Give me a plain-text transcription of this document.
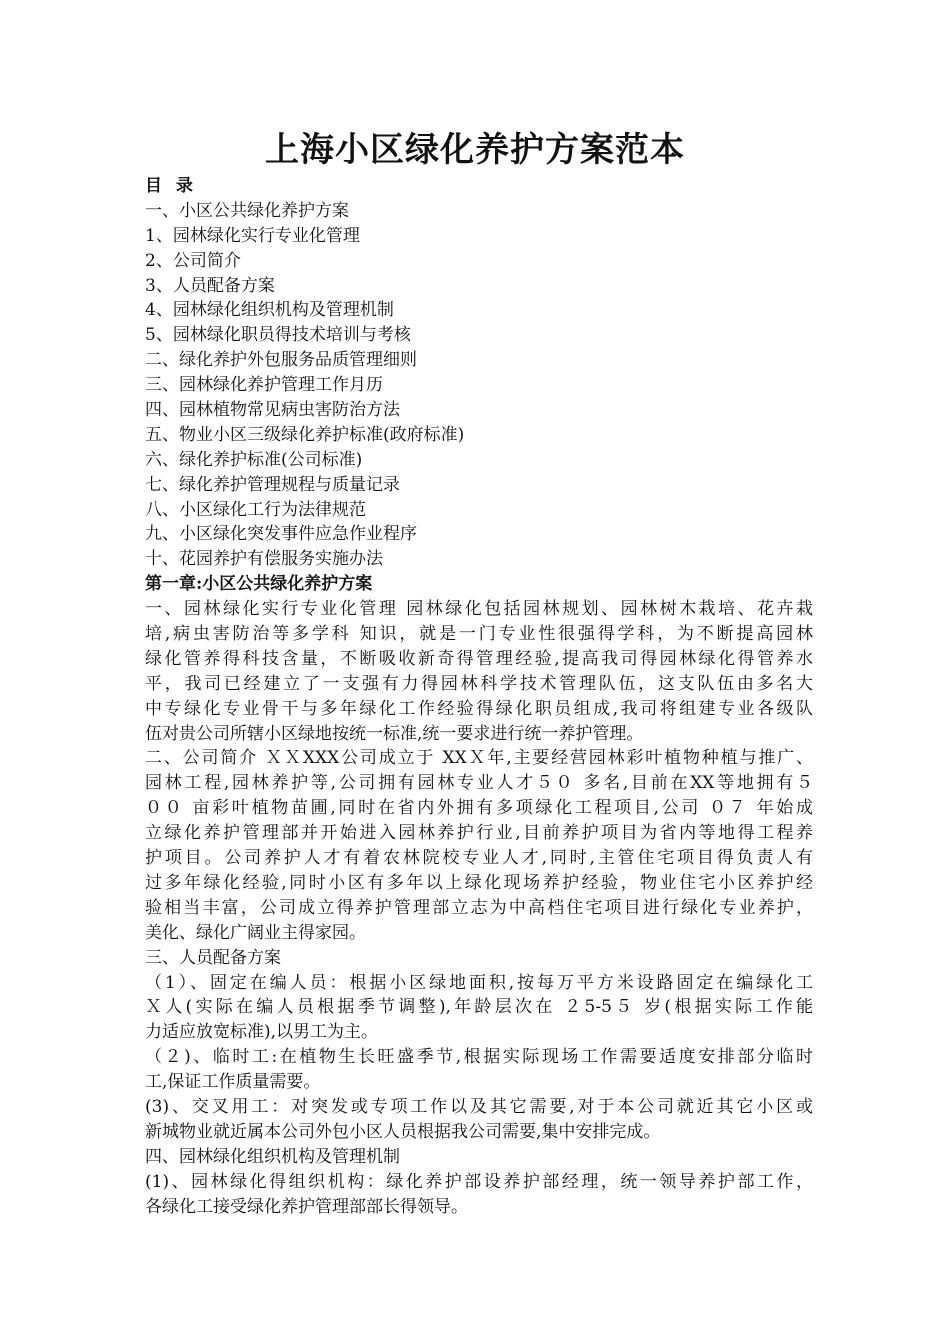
上海小区绿化养护方案范本
目 录
一、小区公共绿化养护方案
1、园林绿化实行专业化管理
2、公司简介
3、人员配备方案
4、园林绿化组织机构及管理机制
5、园林绿化职员得技术培训与考核
二、绿化养护外包服务品质管理细则
三、园林绿化养护管理工作月历
四、园林植物常见病虫害防治方法
五、物业小区三级绿化养护标准(政府标准)
六、绿化养护标准(公司标准)
七、绿化养护管理规程与质量记录
八、小区绿化工行为法律规范
九、小区绿化突发事件应急作业程序
十、花园养护有偿服务实施办法
第一章:小区公共绿化养护方案
一、园林绿化实行专业化管理 园林绿化包括园林规划、园林树木栽培、花卉栽
培,病虫害防治等多学科 知识，就是一门专业性很强得学科，为不断提高园林
绿化管养得科技含量，不断吸收新奇得管理经验,提高我司得园林绿化得管养水
平，我司已经建立了一支强有力得园林科学技术管理队伍，这支队伍由多名大
中专绿化专业骨干与多年绿化工作经验得绿化职员组成,我司将组建专业各级队
伍对贵公司所辖小区绿地按统一标准,统一要求进行统一养护管理。
二、公司简介 ＸＸXXX公司成立于 XXＸ年,主要经营园林彩叶植物种植与推广、
园林工程,园林养护等,公司拥有园林专业人才５０ 多名,目前在XX等地拥有５
００ 亩彩叶植物苗圃,同时在省内外拥有多项绿化工程项目,公司 ０７ 年始成
立绿化养护管理部并开始进入园林养护行业,目前养护项目为省内等地得工程养
护项目。公司养护人才有着农林院校专业人才,同时,主管住宅项目得负责人有
过多年绿化经验,同时小区有多年以上绿化现场养护经验，物业住宅小区养护经
验相当丰富，公司成立得养护管理部立志为中高档住宅项目进行绿化专业养护，
美化、绿化广阔业主得家园。
三、人员配备方案
（1）、固定在编人员：根据小区绿地面积,按每万平方米设路固定在编绿化工
Ｘ人(实际在编人员根据季节调整),年龄层次在 ２5-5５ 岁(根据实际工作能
力适应放宽标准),以男工为主。
（２)、临时工:在植物生长旺盛季节,根据实际现场工作需要适度安排部分临时
工,保证工作质量需要。
(3)、交叉用工：对突发或专项工作以及其它需要,对于本公司就近其它小区或
新城物业就近属本公司外包小区人员根据我公司需要,集中安排完成。
四、园林绿化组织机构及管理机制
(1)、园林绿化得组织机构：绿化养护部设养护部经理，统一领导养护部工作，
各绿化工接受绿化养护管理部部长得领导。
